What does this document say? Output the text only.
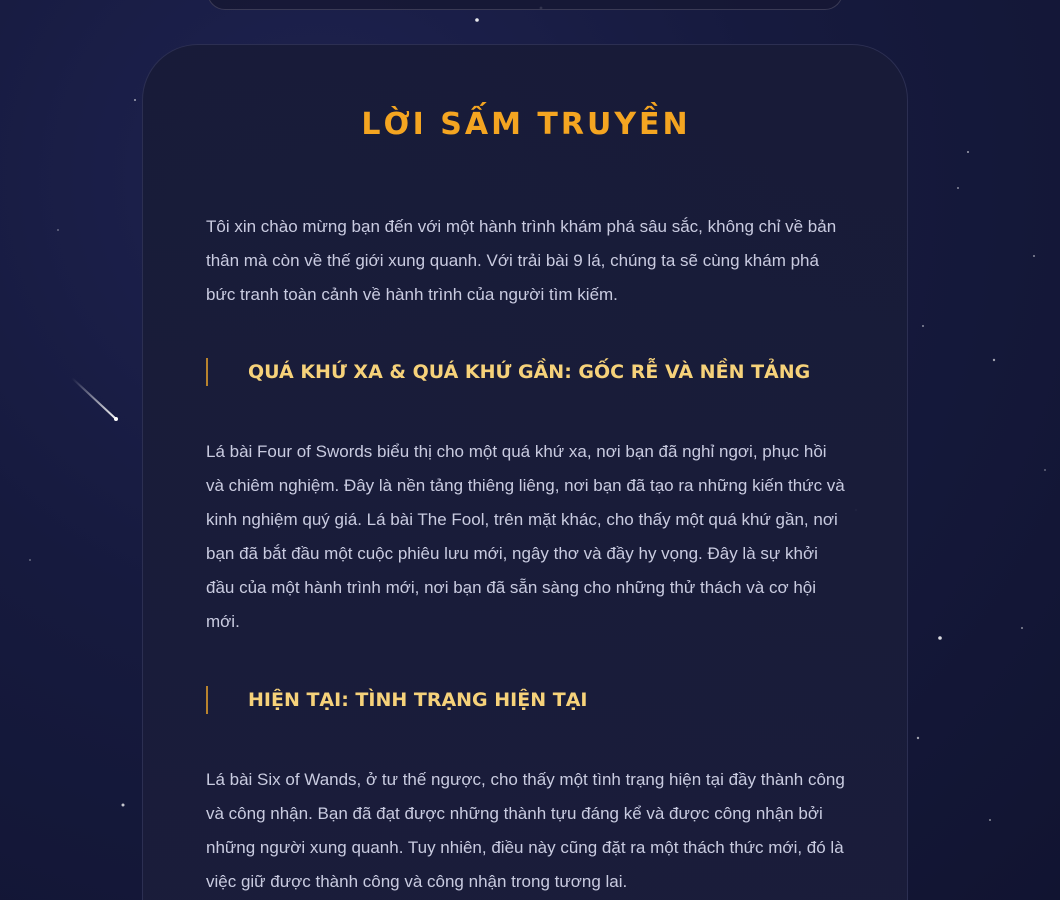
LỜI SẤM TRUYỀN

Tôi xin chào mừng bạn đến với một hành trình khám phá sâu sắc, không chỉ về bản thân mà còn về thế giới xung quanh. Với trải bài 9 lá, chúng ta sẽ cùng khám phá bức tranh toàn cảnh về hành trình của người tìm kiếm.

QUÁ KHỨ XA & QUÁ KHỨ GẦN: GỐC RỄ VÀ NỀN TẢNG

Lá bài Four of Swords biểu thị cho một quá khứ xa, nơi bạn đã nghỉ ngơi, phục hồi và chiêm nghiệm. Đây là nền tảng thiêng liêng, nơi bạn đã tạo ra những kiến thức và kinh nghiệm quý giá. Lá bài The Fool, trên mặt khác, cho thấy một quá khứ gần, nơi bạn đã bắt đầu một cuộc phiêu lưu mới, ngây thơ và đầy hy vọng. Đây là sự khởi đầu của một hành trình mới, nơi bạn đã sẵn sàng cho những thử thách và cơ hội mới.

HIỆN TẠI: TÌNH TRẠNG HIỆN TẠI

Lá bài Six of Wands, ở tư thế ngược, cho thấy một tình trạng hiện tại đầy thành công và công nhận. Bạn đã đạt được những thành tựu đáng kể và được công nhận bởi những người xung quanh. Tuy nhiên, điều này cũng đặt ra một thách thức mới, đó là việc giữ được thành công và công nhận trong tương lai.
